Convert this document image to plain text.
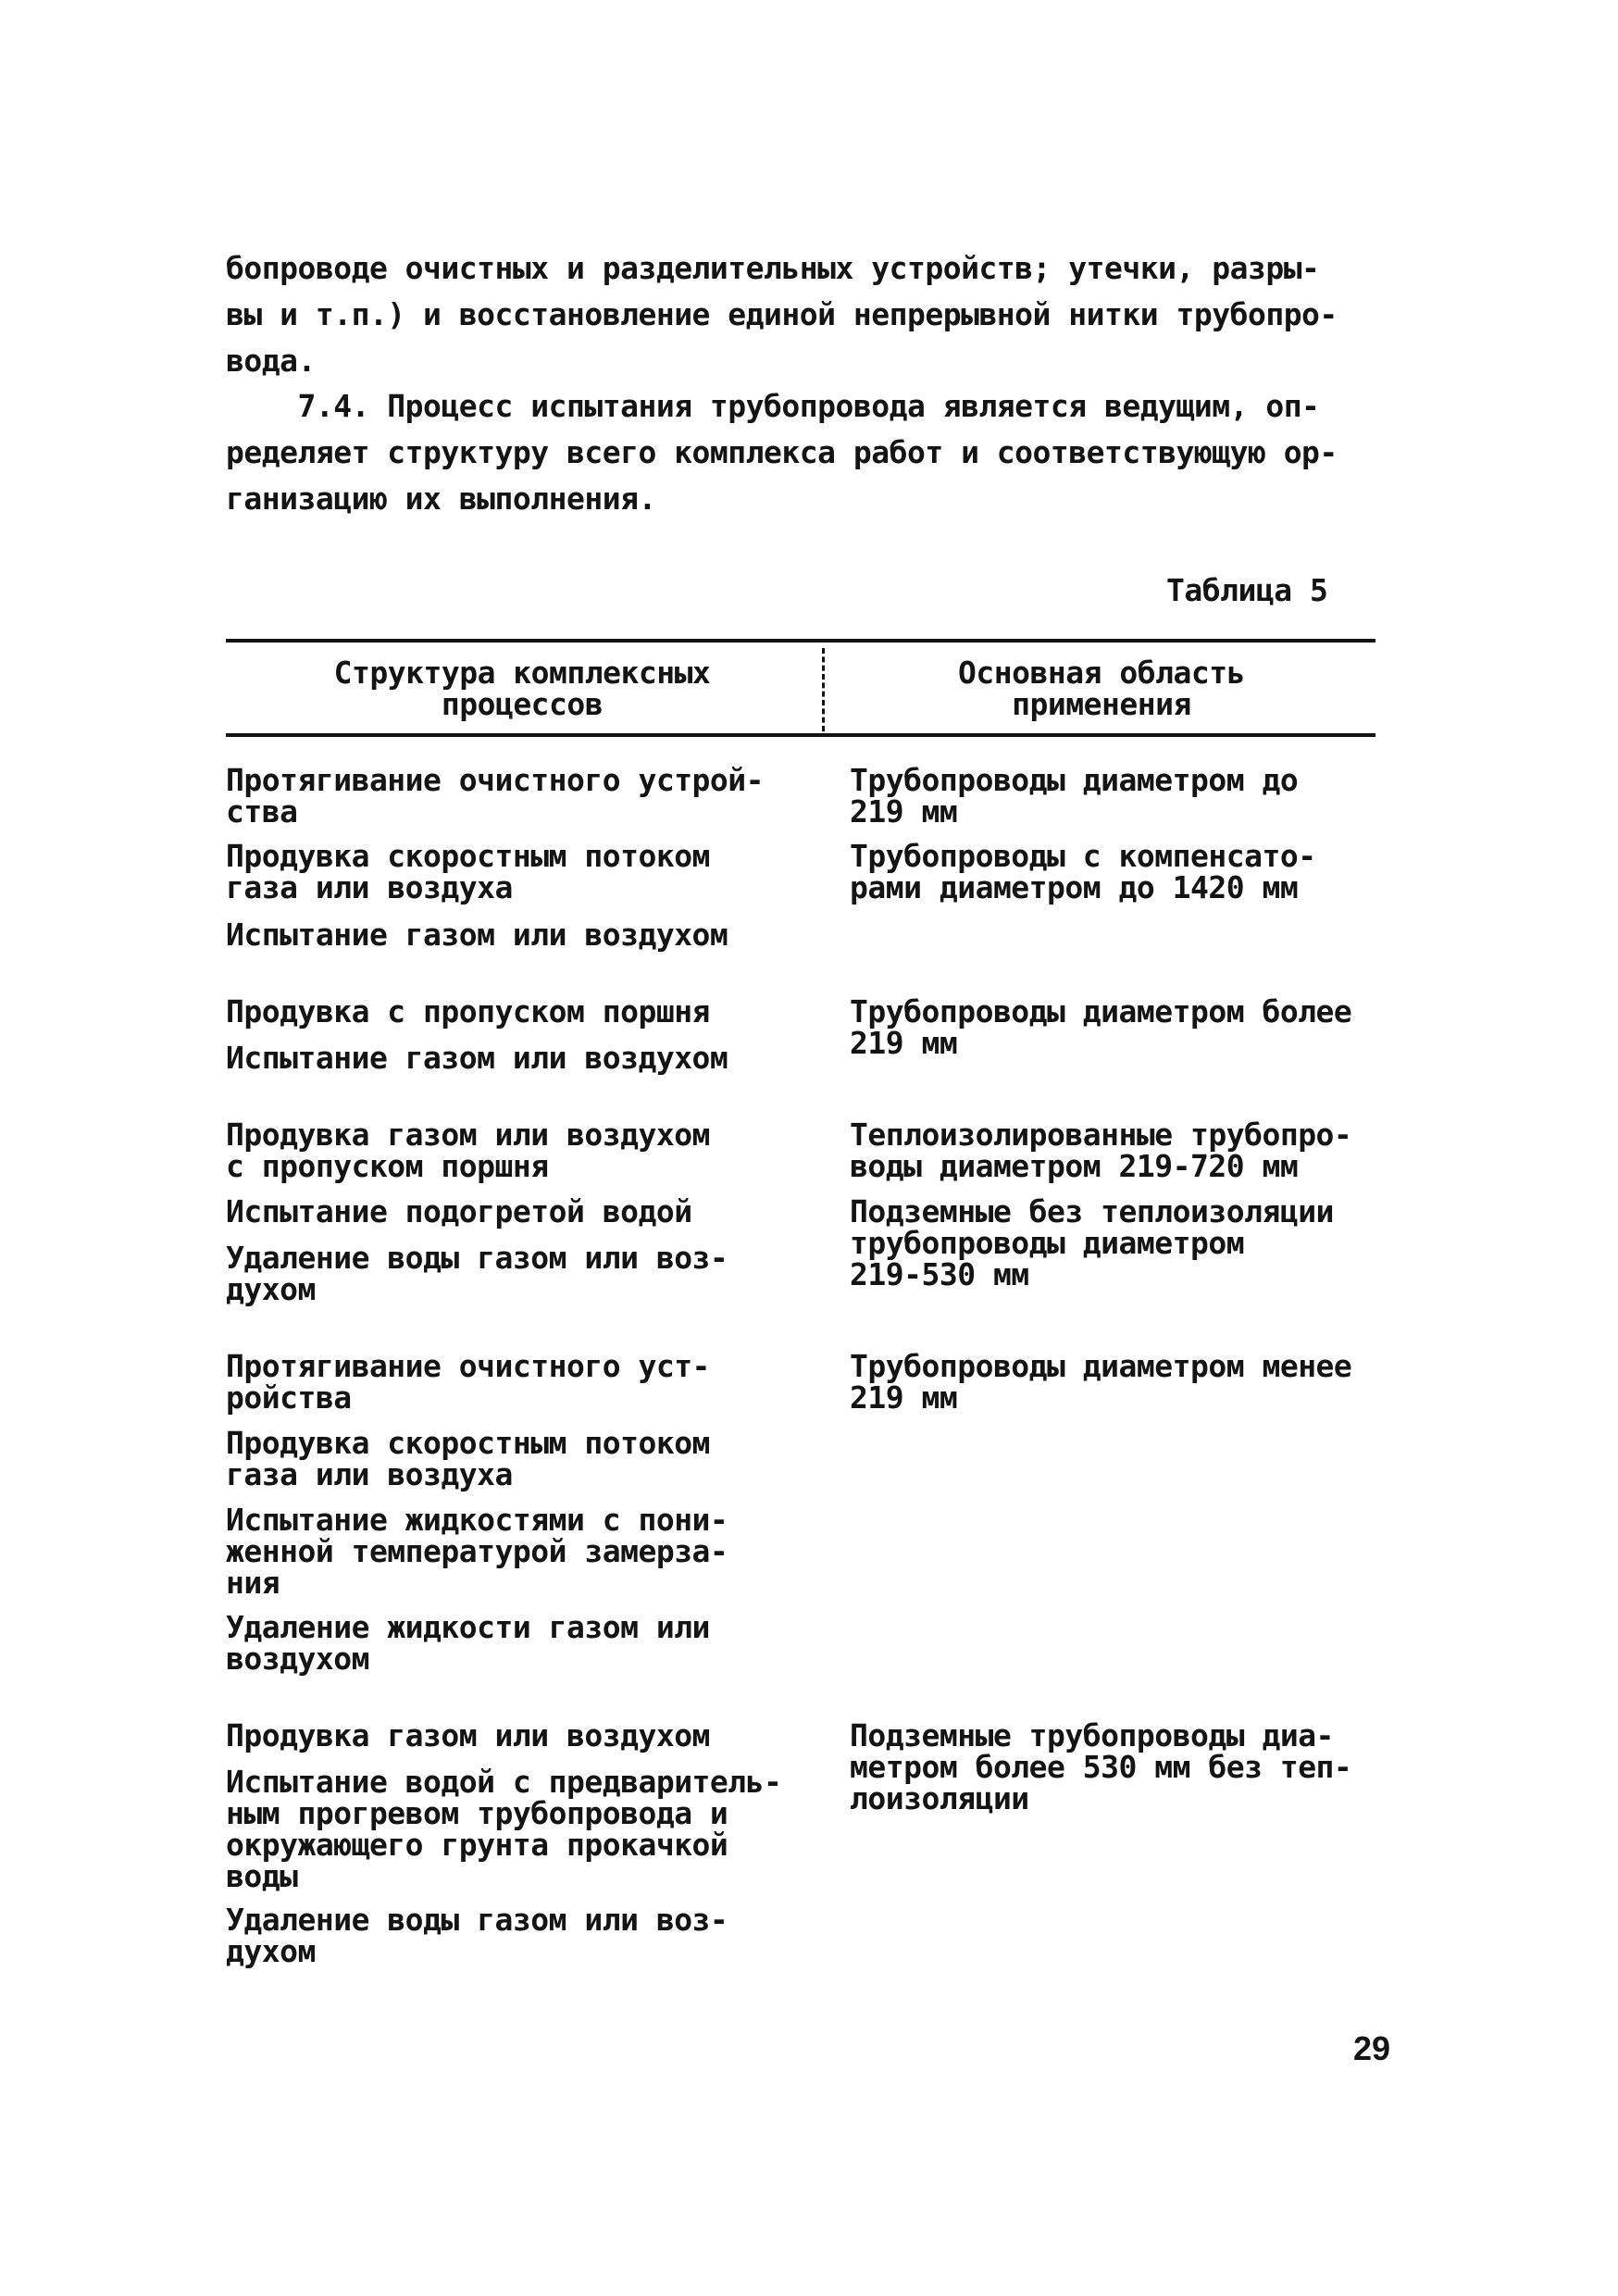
бопроводе очистных и разделительных устройств; утечки, разры-
вы и т.п.) и восстановление единой непрерывной нитки трубопро-
вода.
7.4. Процесс испытания трубопровода является ведущим, оп-
ределяет структуру всего комплекса работ и соответствующую ор-
ганизацию их выполнения.
Таблица 5
Структура комплексных
процессов
Основная область
применения
Протягивание очистного устрой-
ства
Продувка скоростным потоком
газа или воздуха
Испытание газом или воздухом
Трубопроводы диаметром до
219 мм
Трубопроводы с компенсато-
рами диаметром до 1420 мм
Продувка с пропуском поршня
Испытание газом или воздухом
Трубопроводы диаметром более
219 мм
Продувка газом или воздухом
с пропуском поршня
Испытание подогретой водой
Удаление воды газом или воз-
духом
Теплоизолированные трубопро-
воды диаметром 219-720 мм
Подземные без теплоизоляции
трубопроводы диаметром
219-530 мм
Протягивание очистного уст-
ройства
Продувка скоростным потоком
газа или воздуха
Испытание жидкостями с пони-
женной температурой замерза-
ния
Удаление жидкости газом или
воздухом
Трубопроводы диаметром менее
219 мм
Продувка газом или воздухом
Испытание водой с предваритель-
ным прогревом трубопровода и
окружающего грунта прокачкой
воды
Удаление воды газом или воз-
духом
Подземные трубопроводы диа-
метром более 530 мм без теп-
лоизоляции
29
